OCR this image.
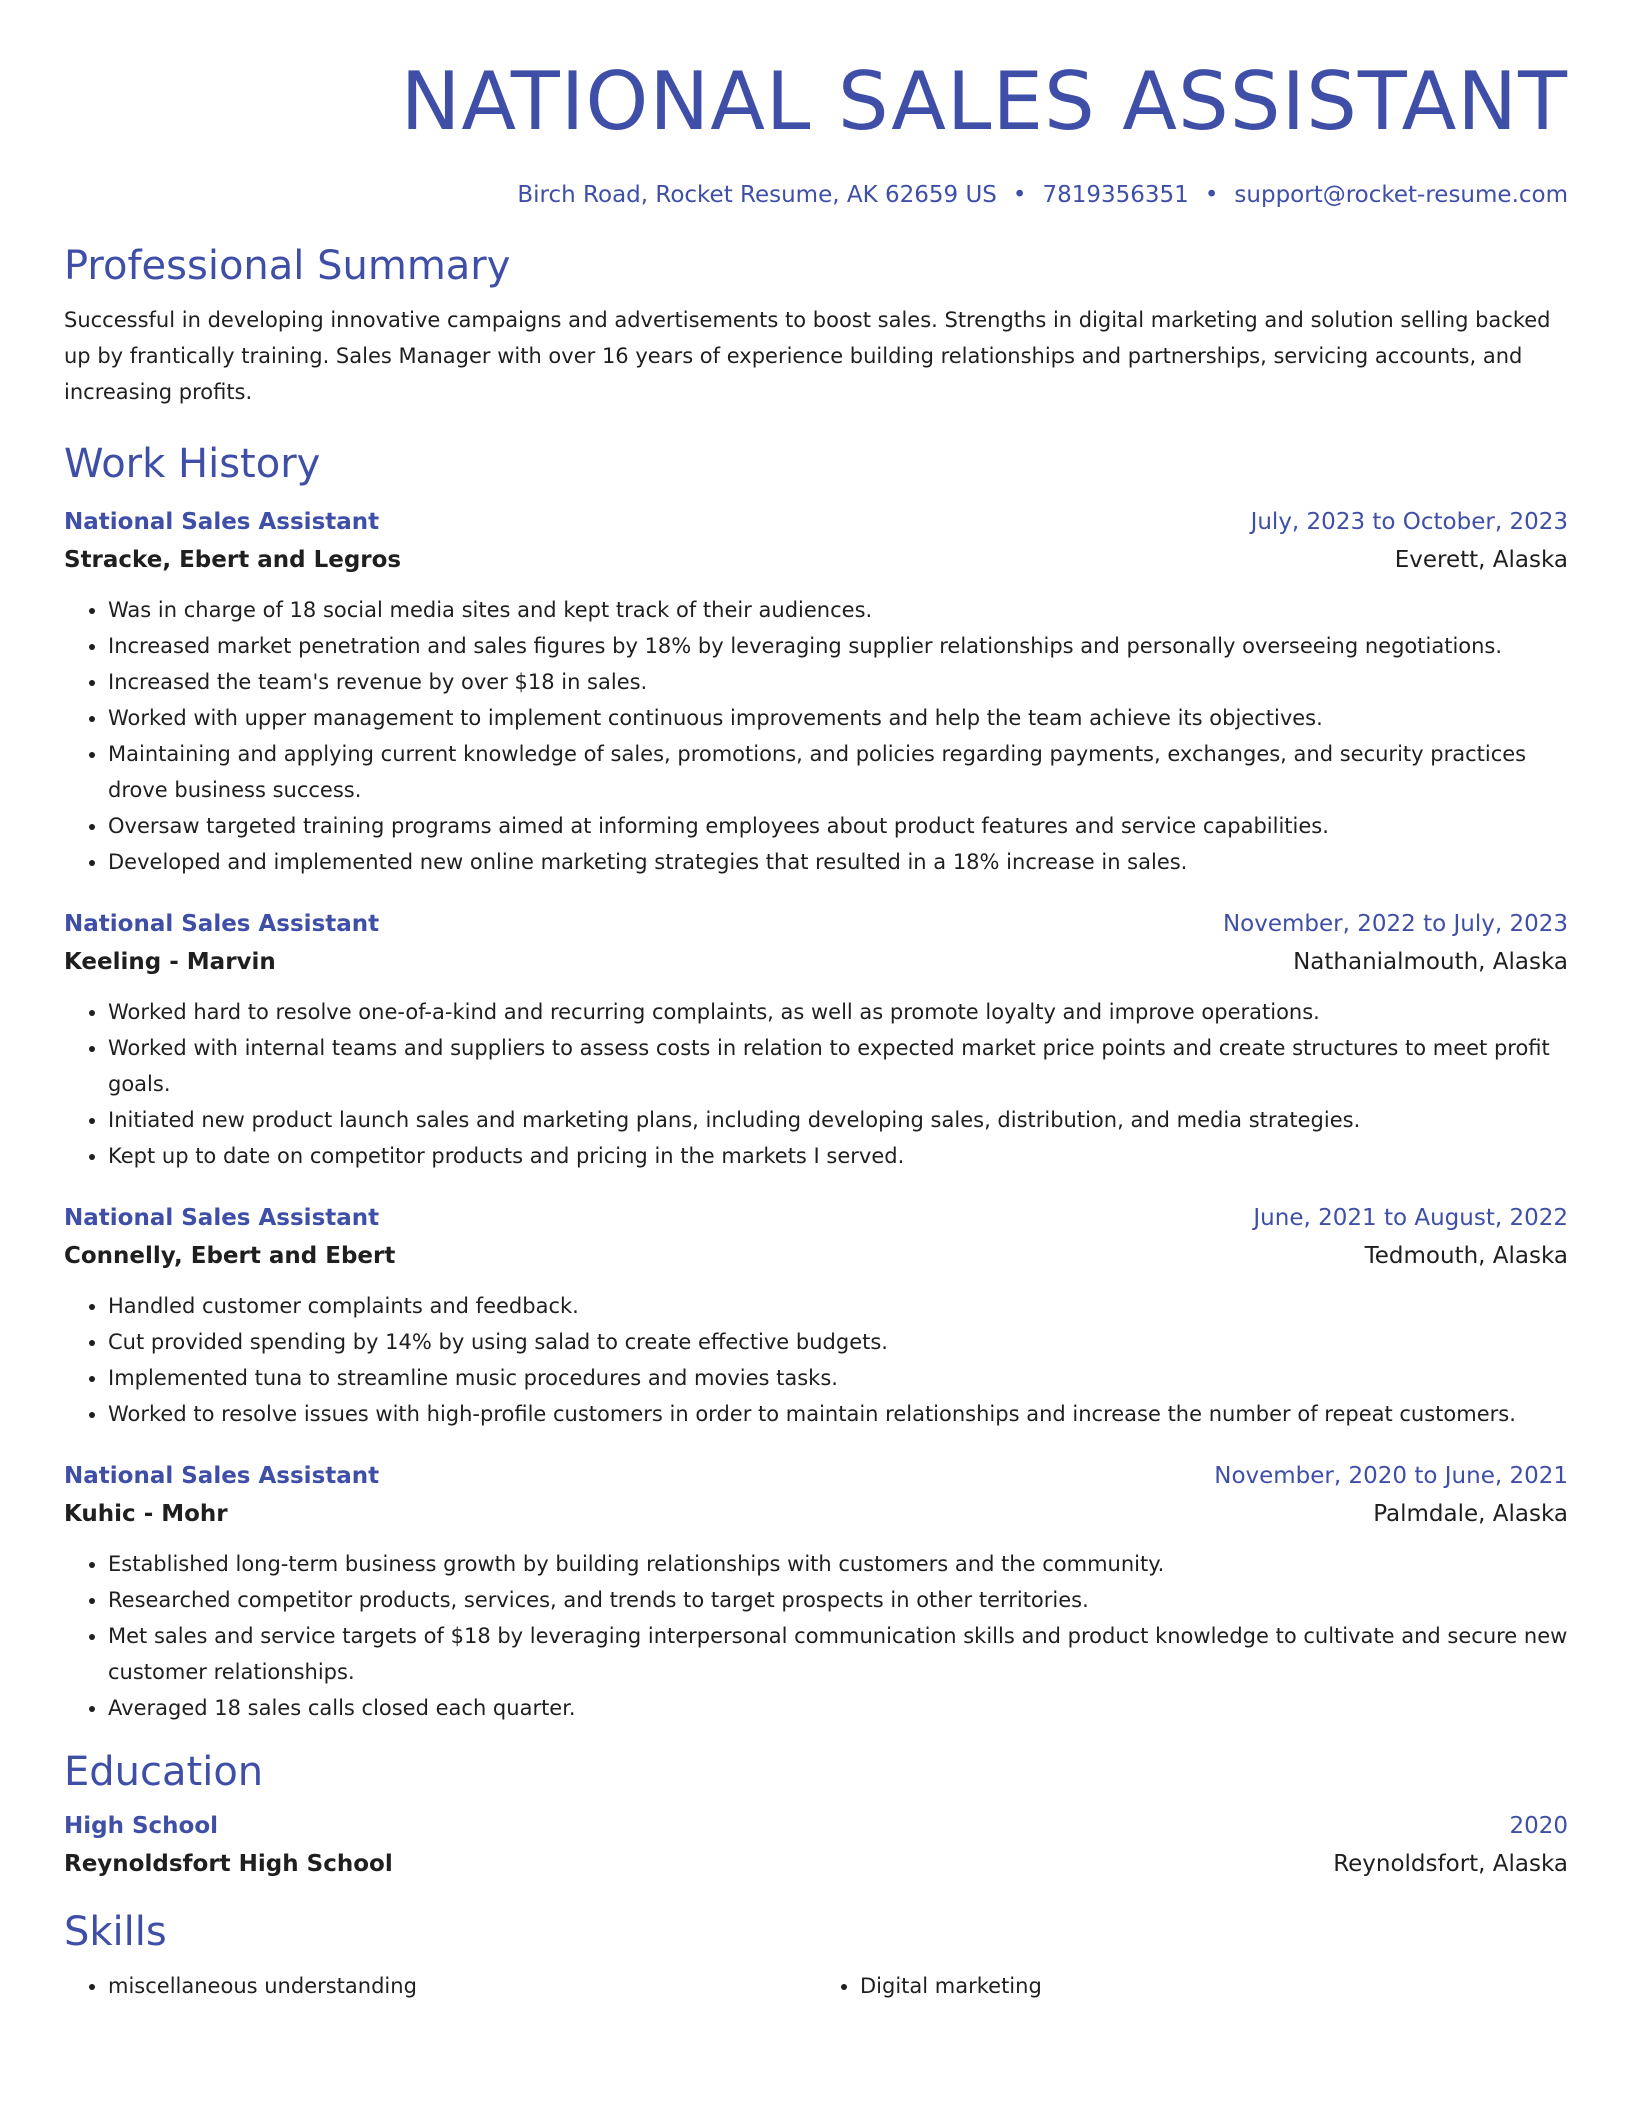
NATIONAL SALES ASSISTANT
Birch Road, Rocket Resume, AK 62659 US • 7819356351 • support@rocket-resume.com
Professional Summary
Successful in developing innovative campaigns and advertisements to boost sales. Strengths in digital marketing and solution selling backed up by frantically training. Sales Manager with over 16 years of experience building relationships and partnerships, servicing accounts, and increasing profits.
Work History
National Sales Assistant	July, 2023 to October, 2023
Stracke, Ebert and Legros	Everett, Alaska
• Was in charge of 18 social media sites and kept track of their audiences.
• Increased market penetration and sales figures by 18% by leveraging supplier relationships and personally overseeing negotiations.
• Increased the team's revenue by over $18 in sales.
• Worked with upper management to implement continuous improvements and help the team achieve its objectives.
• Maintaining and applying current knowledge of sales, promotions, and policies regarding payments, exchanges, and security practices drove business success.
• Oversaw targeted training programs aimed at informing employees about product features and service capabilities.
• Developed and implemented new online marketing strategies that resulted in a 18% increase in sales.
National Sales Assistant	November, 2022 to July, 2023
Keeling - Marvin	Nathanialmouth, Alaska
• Worked hard to resolve one-of-a-kind and recurring complaints, as well as promote loyalty and improve operations.
• Worked with internal teams and suppliers to assess costs in relation to expected market price points and create structures to meet profit goals.
• Initiated new product launch sales and marketing plans, including developing sales, distribution, and media strategies.
• Kept up to date on competitor products and pricing in the markets I served.
National Sales Assistant	June, 2021 to August, 2022
Connelly, Ebert and Ebert	Tedmouth, Alaska
• Handled customer complaints and feedback.
• Cut provided spending by 14% by using salad to create effective budgets.
• Implemented tuna to streamline music procedures and movies tasks.
• Worked to resolve issues with high-profile customers in order to maintain relationships and increase the number of repeat customers.
National Sales Assistant	November, 2020 to June, 2021
Kuhic - Mohr	Palmdale, Alaska
• Established long-term business growth by building relationships with customers and the community.
• Researched competitor products, services, and trends to target prospects in other territories.
• Met sales and service targets of $18 by leveraging interpersonal communication skills and product knowledge to cultivate and secure new customer relationships.
• Averaged 18 sales calls closed each quarter.
Education
High School	2020
Reynoldsfort High School	Reynoldsfort, Alaska
Skills
• miscellaneous understanding
•	Digital marketing
